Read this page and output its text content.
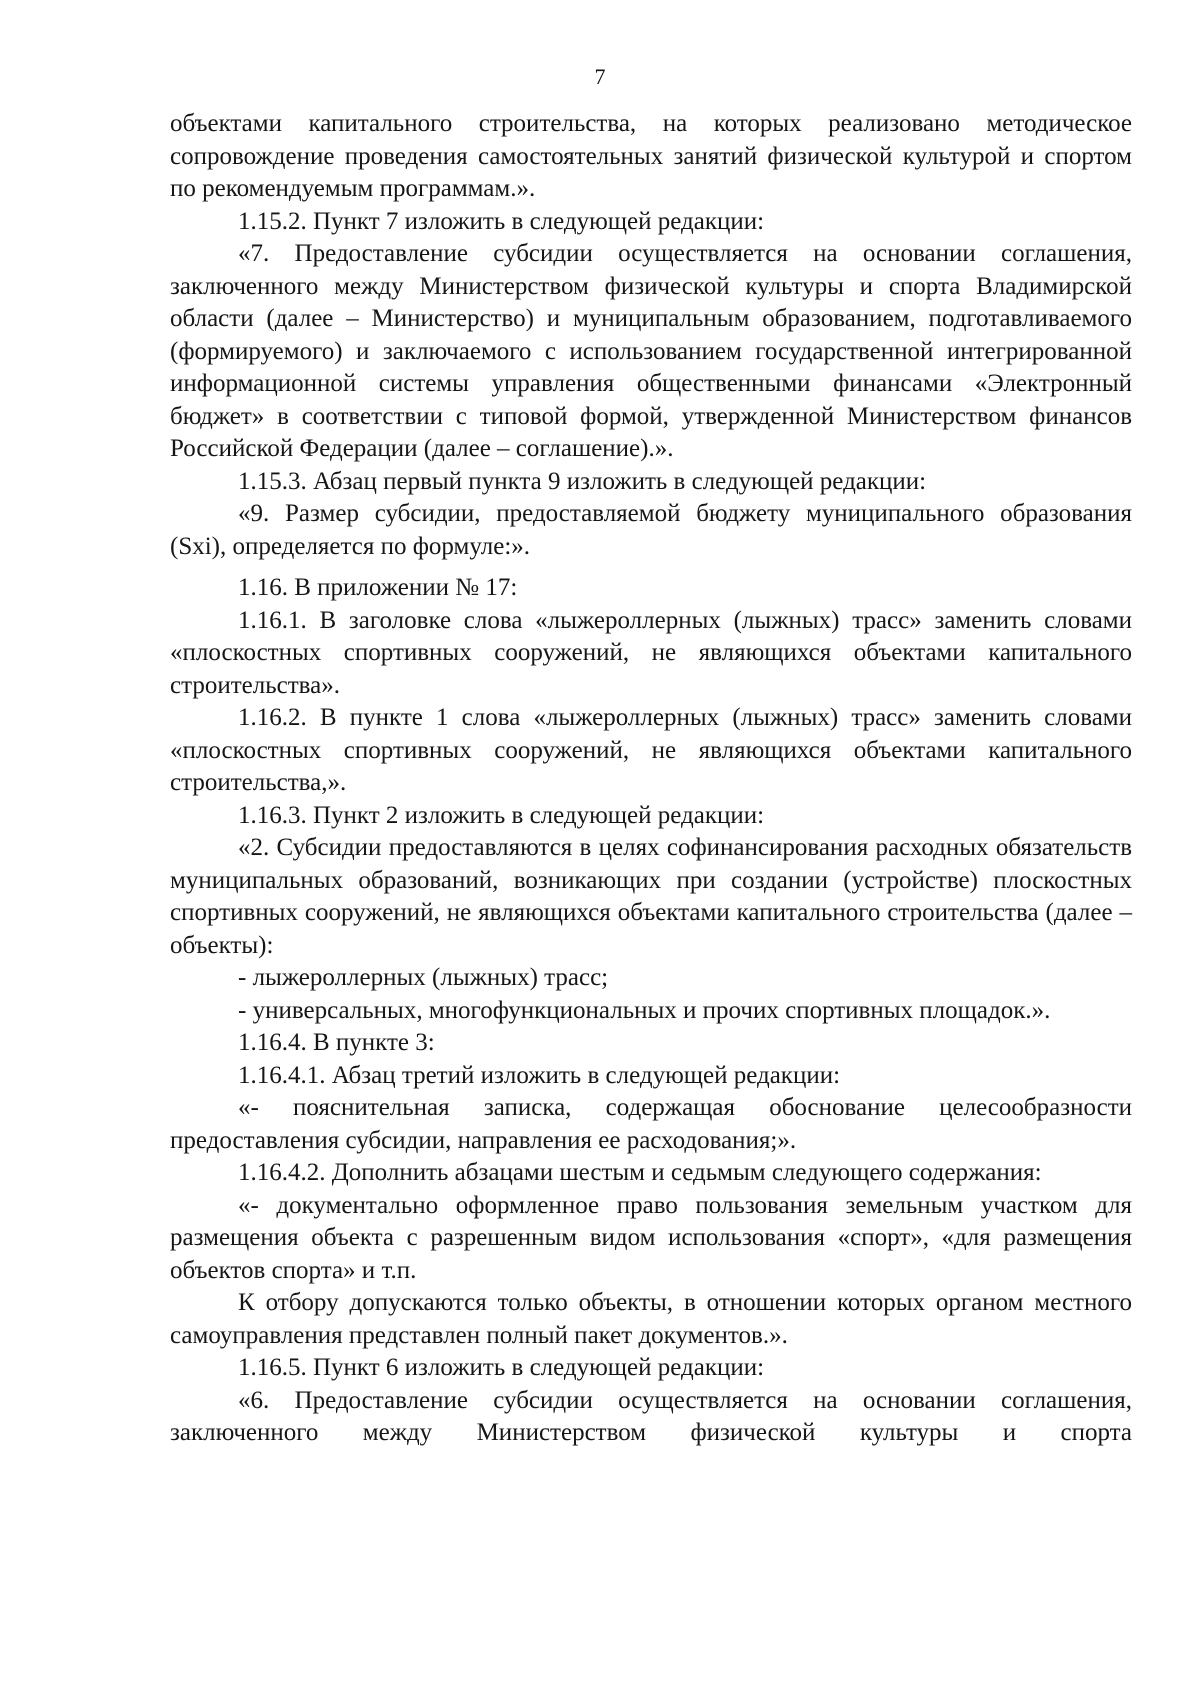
7

объектами капитального строительства, на которых реализовано методическое сопровождение проведения самостоятельных занятий физической культурой и спортом по рекомендуемым программам.».

1.15.2. Пункт 7 изложить в следующей редакции:

«7. Предоставление субсидии осуществляется на основании соглашения, заключенного между Министерством физической культуры и спорта Владимирской области (далее – Министерство) и муниципальным образованием, подготавливаемого (формируемого) и заключаемого с использованием государственной интегрированной информационной системы управления общественными финансами «Электронный бюджет» в соответствии с типовой формой, утвержденной Министерством финансов Российской Федерации (далее – соглашение).».

1.15.3. Абзац первый пункта 9 изложить в следующей редакции:

«9. Размер субсидии, предоставляемой бюджету муниципального образования (Sxi), определяется по формуле:».

1.16. В приложении № 17:

1.16.1. В заголовке слова «лыжероллерных (лыжных) трасс» заменить словами «плоскостных спортивных сооружений, не являющихся объектами капитального строительства».

1.16.2. В пункте 1 слова «лыжероллерных (лыжных) трасс» заменить словами «плоскостных спортивных сооружений, не являющихся объектами капитального строительства,».

1.16.3. Пункт 2 изложить в следующей редакции:

«2. Субсидии предоставляются в целях софинансирования расходных обязательств муниципальных образований, возникающих при создании (устройстве) плоскостных спортивных сооружений, не являющихся объектами капитального строительства (далее – объекты):

- лыжероллерных (лыжных) трасс;

- универсальных, многофункциональных и прочих спортивных площадок.».

1.16.4. В пункте 3:

1.16.4.1. Абзац третий изложить в следующей редакции:

«- пояснительная записка, содержащая обоснование целесообразности предоставления субсидии, направления ее расходования;».

1.16.4.2. Дополнить абзацами шестым и седьмым следующего содержания:

«- документально оформленное право пользования земельным участком для размещения объекта с разрешенным видом использования «спорт», «для размещения объектов спорта» и т.п.

К отбору допускаются только объекты, в отношении которых органом местного самоуправления представлен полный пакет документов.».

1.16.5. Пункт 6 изложить в следующей редакции:

«6. Предоставление субсидии осуществляется на основании соглашения, заключенного между Министерством физической культуры и спорта
